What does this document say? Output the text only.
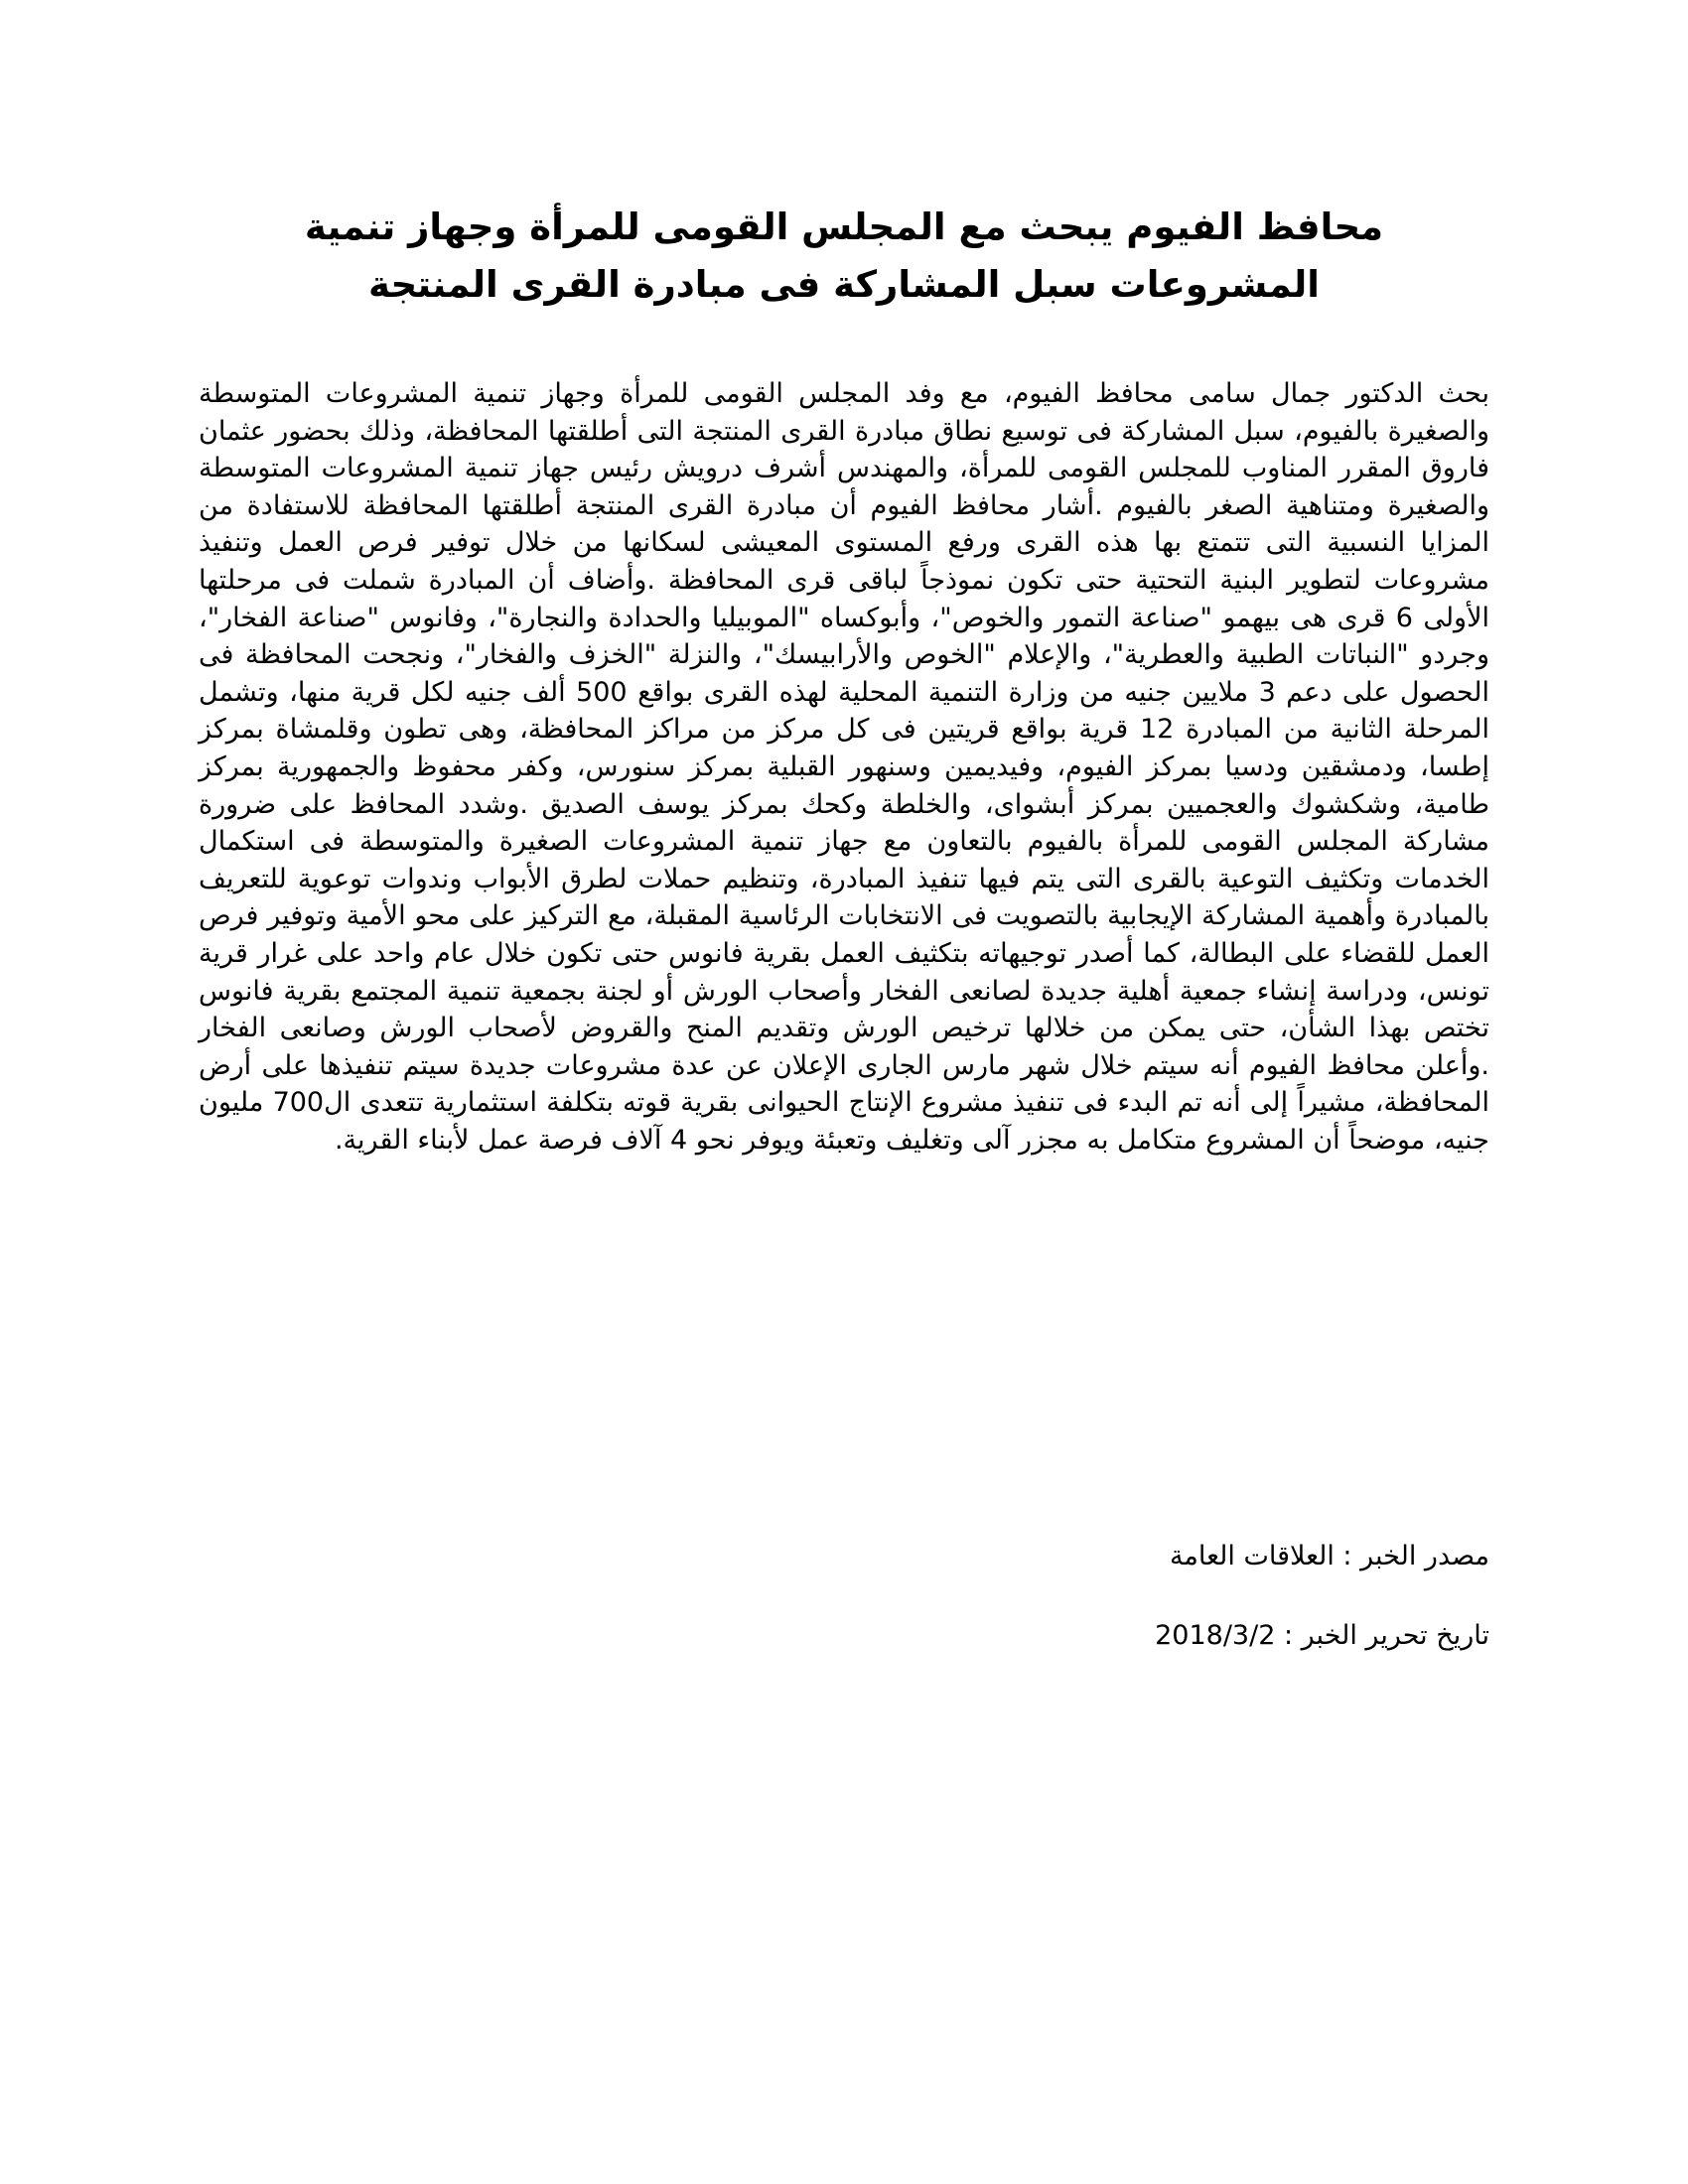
محافظ الفيوم يبحث مع المجلس القومى للمرأة وجهاز تنمية المشروعات سبل المشاركة فى مبادرة القرى المنتجة

بحث الدكتور جمال سامى محافظ الفيوم، مع وفد المجلس القومى للمرأة وجهاز تنمية المشروعات المتوسطة والصغيرة بالفيوم، سبل المشاركة فى توسيع نطاق مبادرة القرى المنتجة التى أطلقتها المحافظة، وذلك بحضور عثمان فاروق المقرر المناوب للمجلس القومى للمرأة، والمهندس أشرف درويش رئيس جهاز تنمية المشروعات المتوسطة والصغيرة ومتناهية الصغر بالفيوم .أشار محافظ الفيوم أن مبادرة القرى المنتجة أطلقتها المحافظة للاستفادة من المزايا النسبية التى تتمتع بها هذه القرى ورفع المستوى المعيشى لسكانها من خلال توفير فرص العمل وتنفيذ مشروعات لتطوير البنية التحتية حتى تكون نموذجاً لباقى قرى المحافظة .وأضاف أن المبادرة شملت فى مرحلتها الأولى 6 قرى هى بيهمو "صناعة التمور والخوص"، وأبوكساه "الموبيليا والحدادة والنجارة"، وفانوس "صناعة الفخار"، وجردو "النباتات الطبية والعطرية"، والإعلام "الخوص والأرابيسك"، والنزلة "الخزف والفخار"، ونجحت المحافظة فى الحصول على دعم 3 ملايين جنيه من وزارة التنمية المحلية لهذه القرى بواقع 500 ألف جنيه لكل قرية منها، وتشمل المرحلة الثانية من المبادرة 12 قرية بواقع قريتين فى كل مركز من مراكز المحافظة، وهى تطون وقلمشاة بمركز إطسا، ودمشقين ودسيا بمركز الفيوم، وفيديمين وسنهور القبلية بمركز سنورس، وكفر محفوظ والجمهورية بمركز طامية، وشكشوك والعجميين بمركز أبشواى، والخلطة وكحك بمركز يوسف الصديق .وشدد المحافظ على ضرورة مشاركة المجلس القومى للمرأة بالفيوم بالتعاون مع جهاز تنمية المشروعات الصغيرة والمتوسطة فى استكمال الخدمات وتكثيف التوعية بالقرى التى يتم فيها تنفيذ المبادرة، وتنظيم حملات لطرق الأبواب وندوات توعوية للتعريف بالمبادرة وأهمية المشاركة الإيجابية بالتصويت فى الانتخابات الرئاسية المقبلة، مع التركيز على محو الأمية وتوفير فرص العمل للقضاء على البطالة، كما أصدر توجيهاته بتكثيف العمل بقرية فانوس حتى تكون خلال عام واحد على غرار قرية تونس، ودراسة إنشاء جمعية أهلية جديدة لصانعى الفخار وأصحاب الورش أو لجنة بجمعية تنمية المجتمع بقرية فانوس تختص بهذا الشأن، حتى يمكن من خلالها ترخيص الورش وتقديم المنح والقروض لأصحاب الورش وصانعى الفخار .وأعلن محافظ الفيوم أنه سيتم خلال شهر مارس الجارى الإعلان عن عدة مشروعات جديدة سيتم تنفيذها على أرض المحافظة، مشيراً إلى أنه تم البدء فى تنفيذ مشروع الإنتاج الحيوانى بقرية قوته بتكلفة استثمارية تتعدى ال700 مليون جنيه، موضحاً أن المشروع متكامل به مجزر آلى وتغليف وتعبئة ويوفر نحو 4 آلاف فرصة عمل لأبناء القرية.

مصدر الخبر : العلاقات العامة

تاريخ تحرير الخبر : 2018/3/2
